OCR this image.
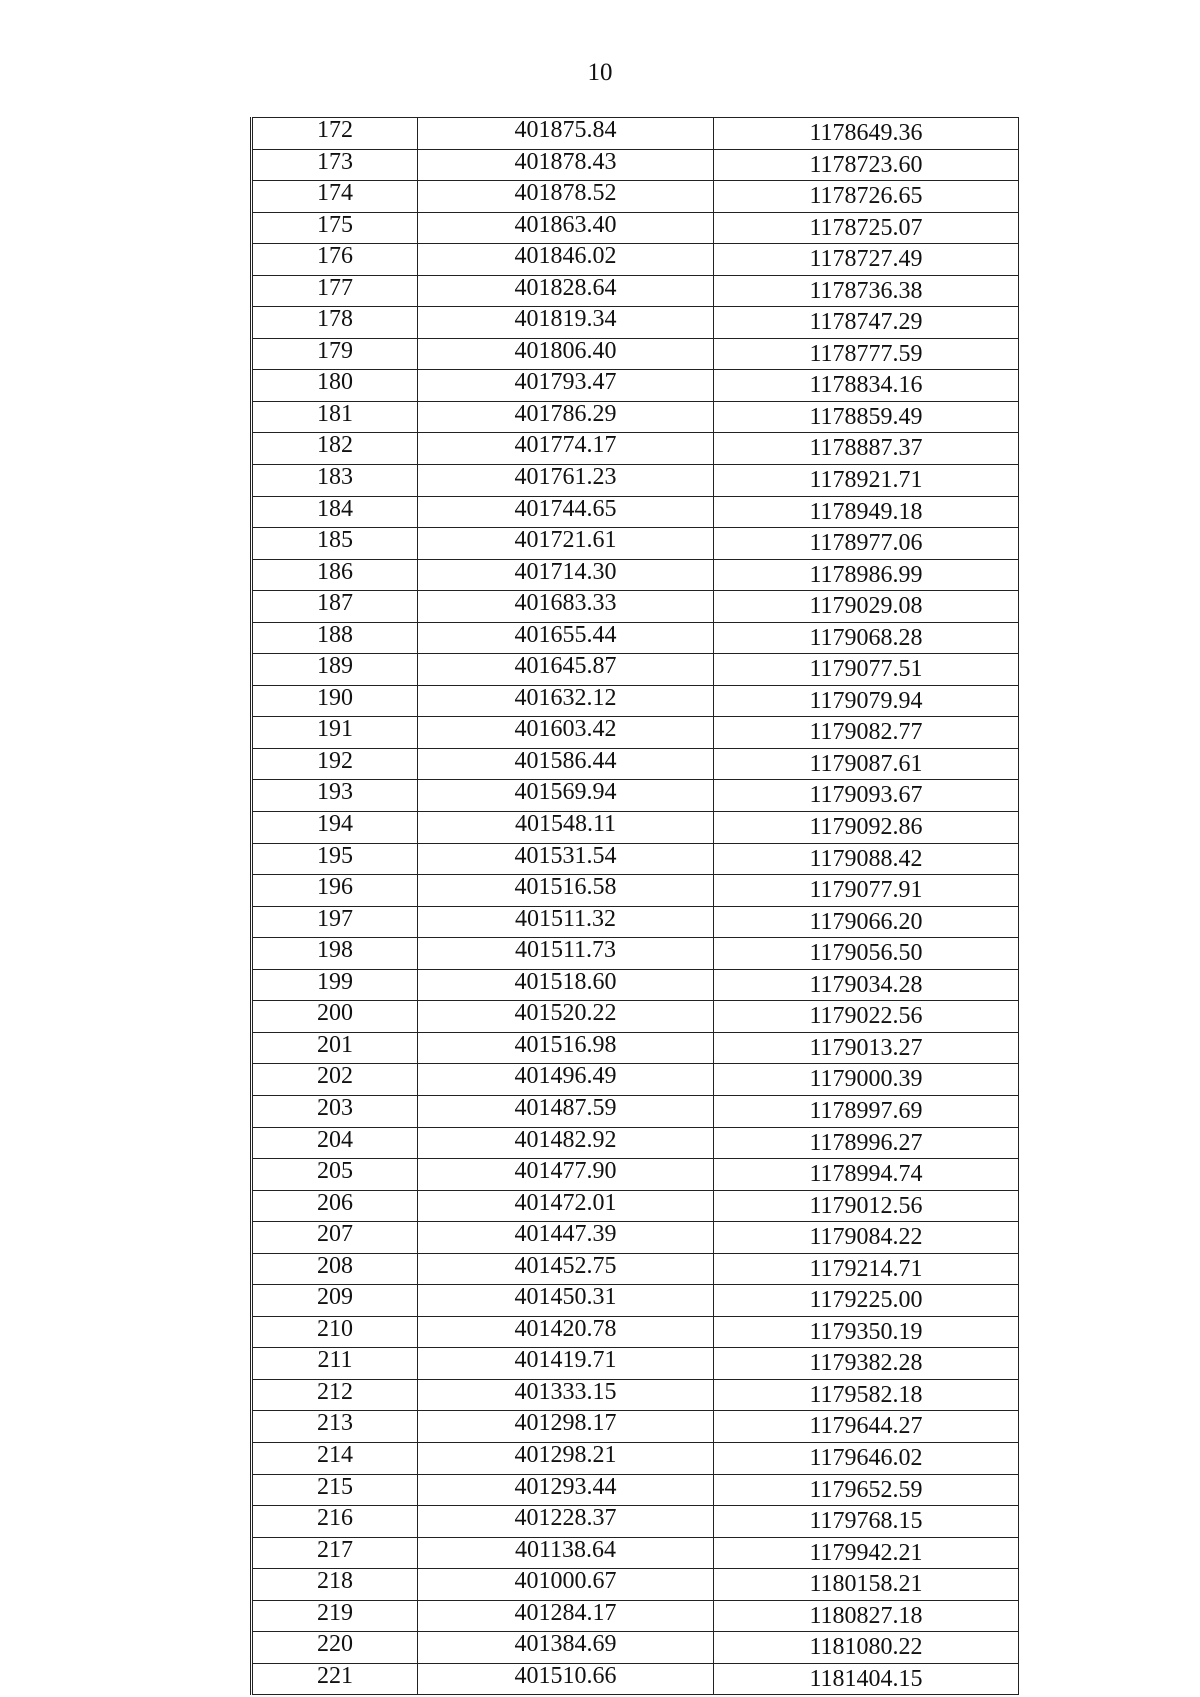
10
172	401875.84	1178649.36
173	401878.43	1178723.60
174	401878.52	1178726.65
175	401863.40	1178725.07
176	401846.02	1178727.49
177	401828.64	1178736.38
178	401819.34	1178747.29
179	401806.40	1178777.59
180	401793.47	1178834.16
181	401786.29	1178859.49
182	401774.17	1178887.37
183	401761.23	1178921.71
184	401744.65	1178949.18
185	401721.61	1178977.06
186	401714.30	1178986.99
187	401683.33	1179029.08
188	401655.44	1179068.28
189	401645.87	1179077.51
190	401632.12	1179079.94
191	401603.42	1179082.77
192	401586.44	1179087.61
193	401569.94	1179093.67
194	401548.11	1179092.86
195	401531.54	1179088.42
196	401516.58	1179077.91
197	401511.32	1179066.20
198	401511.73	1179056.50
199	401518.60	1179034.28
200	401520.22	1179022.56
201	401516.98	1179013.27
202	401496.49	1179000.39
203	401487.59	1178997.69
204	401482.92	1178996.27
205	401477.90	1178994.74
206	401472.01	1179012.56
207	401447.39	1179084.22
208	401452.75	1179214.71
209	401450.31	1179225.00
210	401420.78	1179350.19
211	401419.71	1179382.28
212	401333.15	1179582.18
213	401298.17	1179644.27
214	401298.21	1179646.02
215	401293.44	1179652.59
216	401228.37	1179768.15
217	401138.64	1179942.21
218	401000.67	1180158.21
219	401284.17	1180827.18
220	401384.69	1181080.22
221	401510.66	1181404.15
